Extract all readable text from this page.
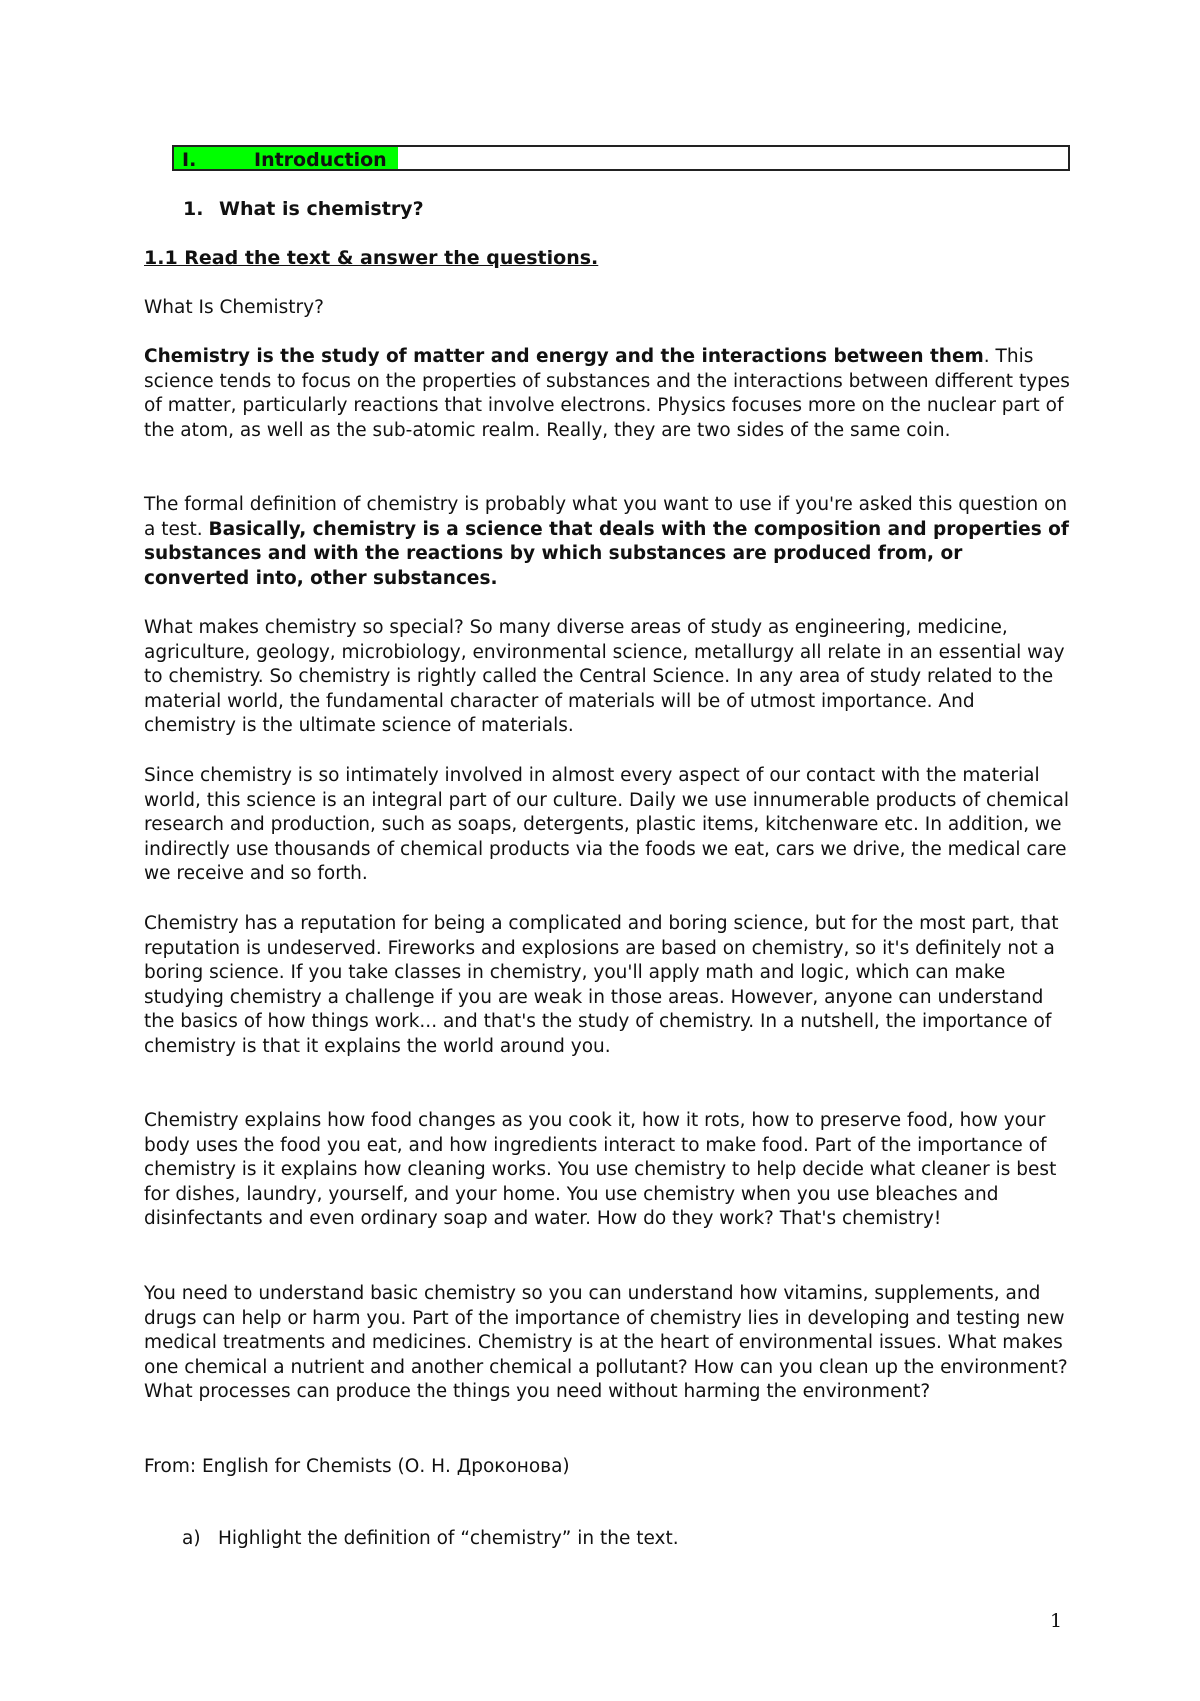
I.	Introduction
1. What is chemistry?
1.1 Read the text & answer the questions.

What Is Chemistry?

Chemistry is the study of matter and energy and the interactions between them. This science tends to focus on the properties of substances and the interactions between different types of matter, particularly reactions that involve electrons. Physics focuses more on the nuclear part of the atom, as well as the sub-atomic realm. Really, they are two sides of the same coin.

The formal definition of chemistry is probably what you want to use if you're asked this question on a test. Basically, chemistry is a science that deals with the composition and properties of substances and with the reactions by which substances are produced from, or converted into, other substances.

What makes chemistry so special? So many diverse areas of study as engineering, medicine, agriculture, geology, microbiology, environmental science, metallurgy all relate in an essential way to chemistry. So chemistry is rightly called the Central Science. In any area of study related to the material world, the fundamental character of materials will be of utmost importance. And chemistry is the ultimate science of materials.

Since chemistry is so intimately involved in almost every aspect of our contact with the material world, this science is an integral part of our culture. Daily we use innumerable products of chemical research and production, such as soaps, detergents, plastic items, kitchenware etc. In addition, we indirectly use thousands of chemical products via the foods we eat, cars we drive, the medical care we receive and so forth.

Chemistry has a reputation for being a complicated and boring science, but for the most part, that reputation is undeserved. Fireworks and explosions are based on chemistry, so it's definitely not a boring science. If you take classes in chemistry, you'll apply math and logic, which can make studying chemistry a challenge if you are weak in those areas. However, anyone can understand the basics of how things work... and that's the study of chemistry. In a nutshell, the importance of chemistry is that it explains the world around you.

Chemistry explains how food changes as you cook it, how it rots, how to preserve food, how your body uses the food you eat, and how ingredients interact to make food. Part of the importance of chemistry is it explains how cleaning works. You use chemistry to help decide what cleaner is best for dishes, laundry, yourself, and your home. You use chemistry when you use bleaches and disinfectants and even ordinary soap and water. How do they work? That's chemistry!

You need to understand basic chemistry so you can understand how vitamins, supplements, and drugs can help or harm you. Part of the importance of chemistry lies in developing and testing new medical treatments and medicines. Chemistry is at the heart of environmental issues. What makes one chemical a nutrient and another chemical a pollutant? How can you clean up the environment? What processes can produce the things you need without harming the environment?

From: English for Chemists (О. Н. Дроконова)

a) Highlight the definition of “chemistry” in the text.
1
